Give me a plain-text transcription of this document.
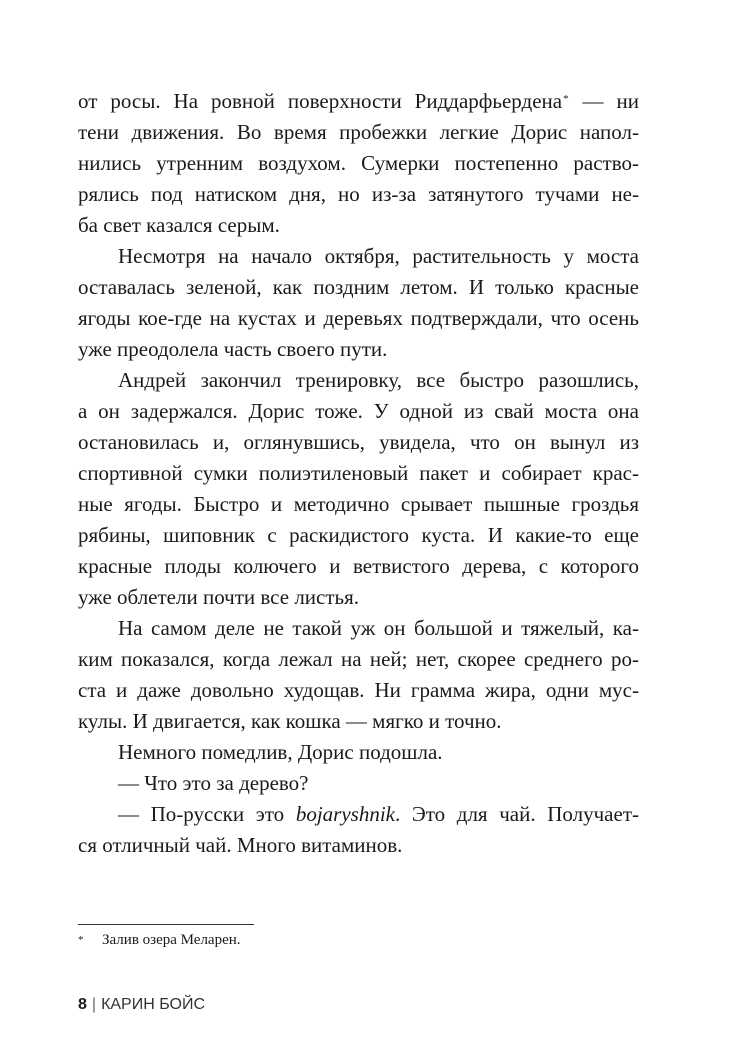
от росы. На ровной поверхности Риддарфьердена* — ни
тени движения. Во время пробежки легкие Дорис напол-
нились утренним воздухом. Сумерки постепенно раство-
рялись под натиском дня, но из-за затянутого тучами не-
ба свет казался серым.
Несмотря на начало октября, растительность у моста
оставалась зеленой, как поздним летом. И только красные
ягоды кое-где на кустах и деревьях подтверждали, что осень
уже преодолела часть своего пути.
Андрей закончил тренировку, все быстро разошлись,
а он задержался. Дорис тоже. У одной из свай моста она
остановилась и, оглянувшись, увидела, что он вынул из
спортивной сумки полиэтиленовый пакет и собирает крас-
ные ягоды. Быстро и методично срывает пышные гроздья
рябины, шиповник с раскидистого куста. И какие-то еще
красные плоды колючего и ветвистого дерева, с которого
уже облетели почти все листья.
На самом деле не такой уж он большой и тяжелый, ка-
ким показался, когда лежал на ней; нет, скорее среднего ро-
ста и даже довольно худощав. Ни грамма жира, одни мус-
кулы. И двигается, как кошка — мягко и точно.
Немного помедлив, Дорис подошла.
— Что это за дерево?
— По-русски это bojaryshnik. Это для чай. Получает-
ся отличный чай. Много витаминов.
* Залив озера Меларен.
8 | КАРИН БОЙС
